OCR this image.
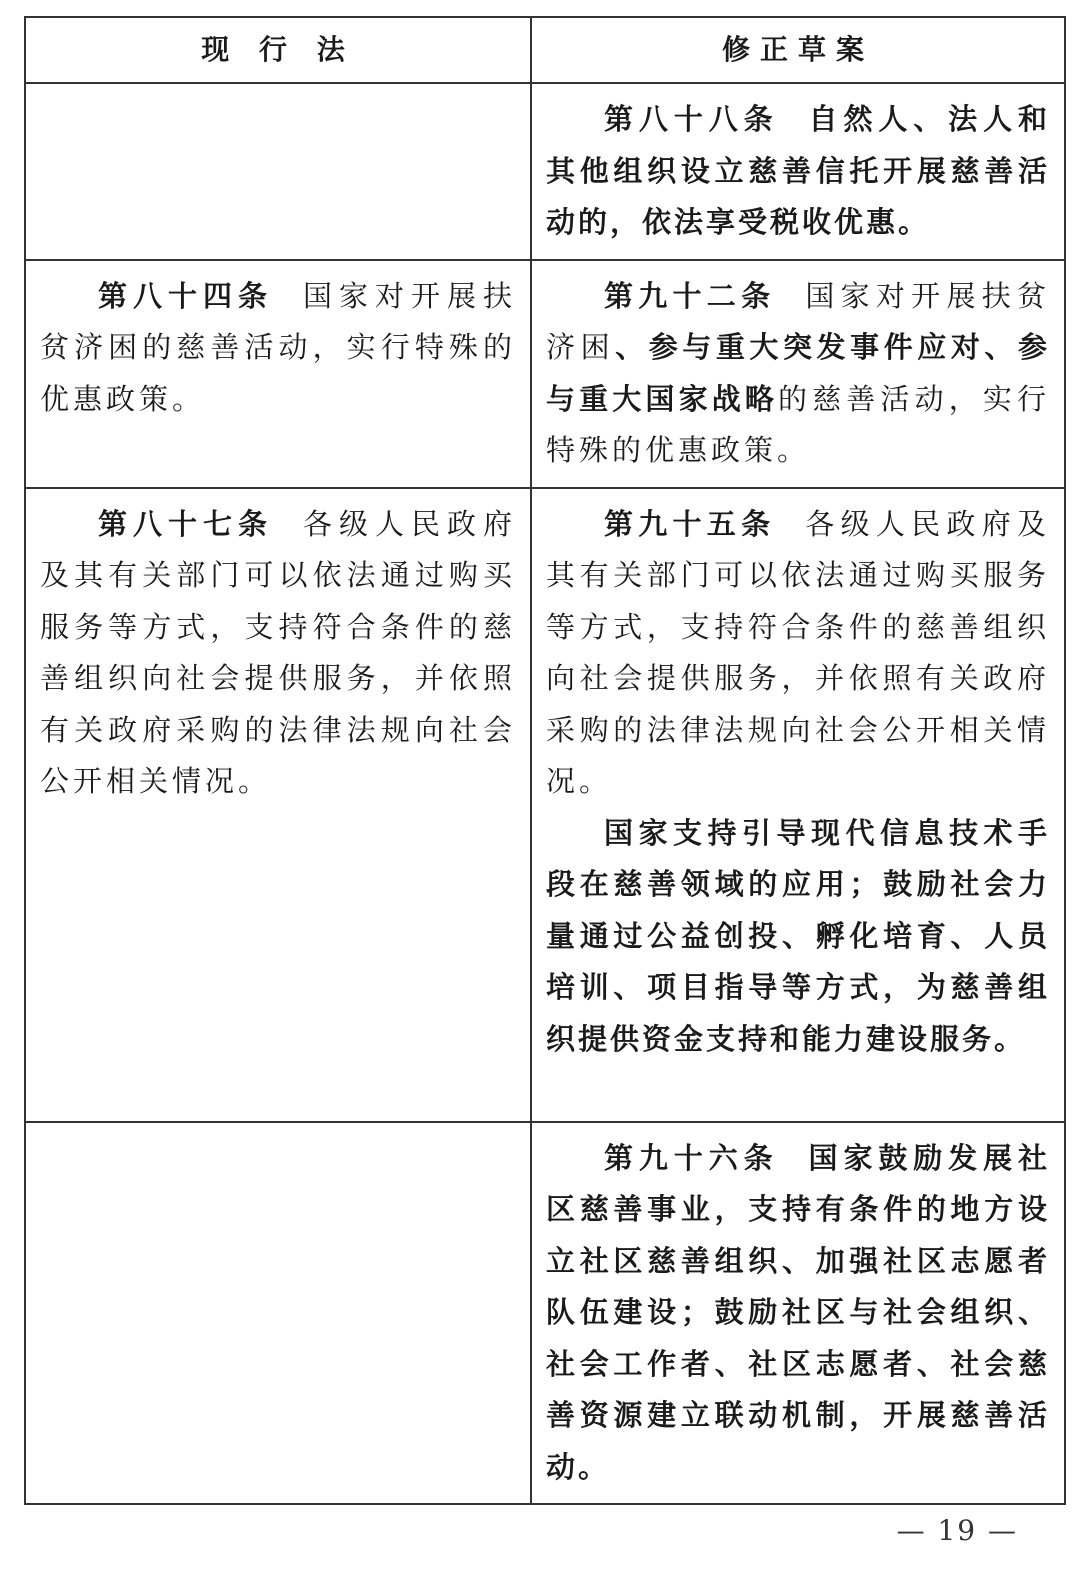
现 行 法	修正草案

	第八十八条 自然人、法人和其他组织设立慈善信托开展慈善活动的，依法享受税收优惠。

第八十四条 国家对开展扶贫济困的慈善活动，实行特殊的优惠政策。	第九十二条 国家对开展扶贫济困、参与重大突发事件应对、参与重大国家战略的慈善活动，实行特殊的优惠政策。

第八十七条 各级人民政府及其有关部门可以依法通过购买服务等方式，支持符合条件的慈善组织向社会提供服务，并依照有关政府采购的法律法规向社会公开相关情况。	第九十五条 各级人民政府及其有关部门可以依法通过购买服务等方式，支持符合条件的慈善组织向社会提供服务，并依照有关政府采购的法律法规向社会公开相关情况。

国家支持引导现代信息技术手段在慈善领域的应用；鼓励社会力量通过公益创投、孵化培育、人员培训、项目指导等方式，为慈善组织提供资金支持和能力建设服务。

	第九十六条 国家鼓励发展社区慈善事业，支持有条件的地方设立社区慈善组织、加强社区志愿者队伍建设；鼓励社区与社会组织、社会工作者、社区志愿者、社会慈善资源建立联动机制，开展慈善活动。

— 19 —
